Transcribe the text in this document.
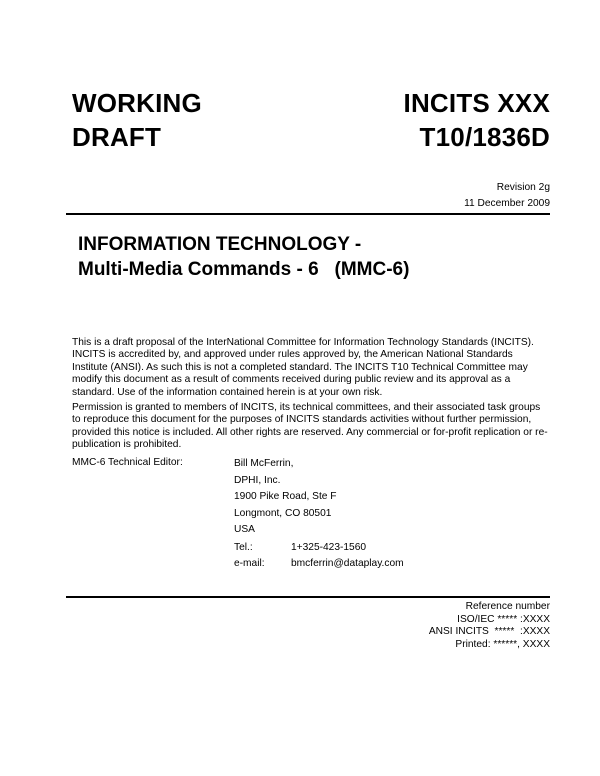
WORKING
DRAFT
INCITS XXX
T10/1836D
Revision 2g
11 December 2009
INFORMATION TECHNOLOGY -
Multi-Media Commands - 6   (MMC-6)

This is a draft proposal of the InterNational Committee for Information Technology Standards (INCITS). INCITS is accredited by, and approved under rules approved by, the American National Standards Institute (ANSI). As such this is not a completed standard. The INCITS T10 Technical Committee may modify this document as a result of comments received during public review and its approval as a standard. Use of the information contained herein is at your own risk.

Permission is granted to members of INCITS, its technical committees, and their associated task groups to reproduce this document for the purposes of INCITS standards activities without further permission, provided this notice is included. All other rights are reserved. Any commercial or for-profit replication or re-publication is prohibited.

MMC-6 Technical Editor:	Bill McFerrin,
DPHI, Inc.
1900 Pike Road, Ste F
Longmont, CO 80501
USA
Tel.:	1+325-423-1560
e-mail:	bmcferrin@dataplay.com
Reference number
ISO/IEC ***** :XXXX
ANSI INCITS  *****  :XXXX
Printed: ******, XXXX
